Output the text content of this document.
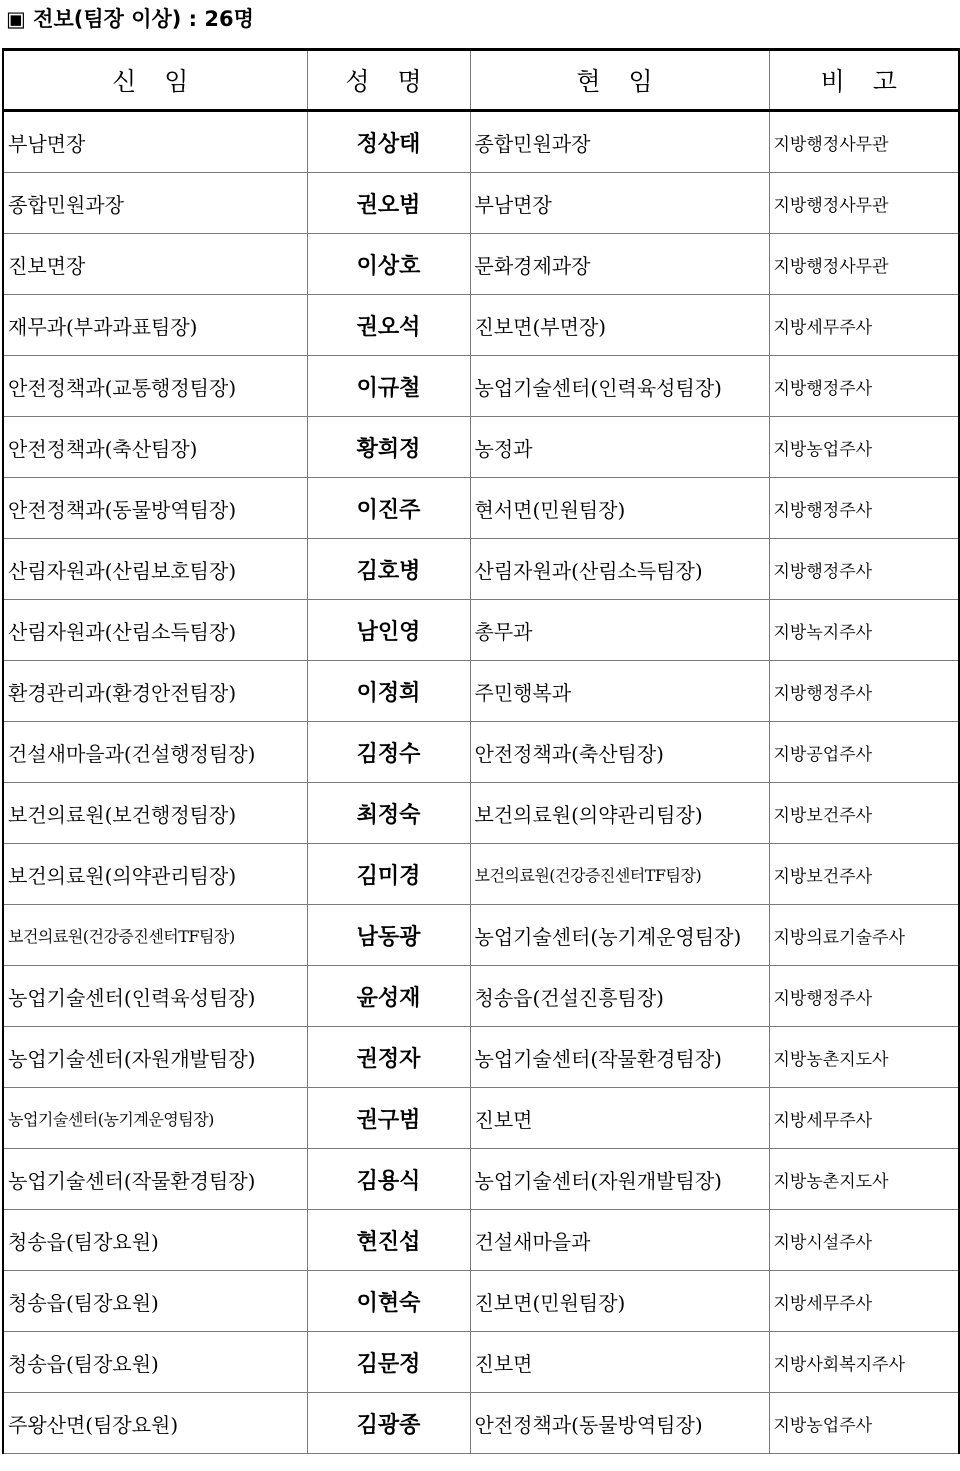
▣ 전보(팀장 이상) : 26명
신 임	성 명	현 임	비 고
부남면장	정상태	종합민원과장	지방행정사무관
종합민원과장	권오범	부남면장	지방행정사무관
진보면장	이상호	문화경제과장	지방행정사무관
재무과(부과과표팀장)	권오석	진보면(부면장)	지방세무주사
안전정책과(교통행정팀장)	이규철	농업기술센터(인력육성팀장)	지방행정주사
안전정책과(축산팀장)	황희정	농정과	지방농업주사
안전정책과(동물방역팀장)	이진주	현서면(민원팀장)	지방행정주사
산림자원과(산림보호팀장)	김호병	산림자원과(산림소득팀장)	지방행정주사
산림자원과(산림소득팀장)	남인영	총무과	지방녹지주사
환경관리과(환경안전팀장)	이정희	주민행복과	지방행정주사
건설새마을과(건설행정팀장)	김정수	안전정책과(축산팀장)	지방공업주사
보건의료원(보건행정팀장)	최정숙	보건의료원(의약관리팀장)	지방보건주사
보건의료원(의약관리팀장)	김미경	보건의료원(건강증진센터TF팀장)	지방보건주사
보건의료원(건강증진센터TF팀장)	남동광	농업기술센터(농기계운영팀장)	지방의료기술주사
농업기술센터(인력육성팀장)	윤성재	청송읍(건설진흥팀장)	지방행정주사
농업기술센터(자원개발팀장)	권정자	농업기술센터(작물환경팀장)	지방농촌지도사
농업기술센터(농기계운영팀장)	권구범	진보면	지방세무주사
농업기술센터(작물환경팀장)	김용식	농업기술센터(자원개발팀장)	지방농촌지도사
청송읍(팀장요원)	현진섭	건설새마을과	지방시설주사
청송읍(팀장요원)	이현숙	진보면(민원팀장)	지방세무주사
청송읍(팀장요원)	김문정	진보면	지방사회복지주사
주왕산면(팀장요원)	김광종	안전정책과(동물방역팀장)	지방농업주사
